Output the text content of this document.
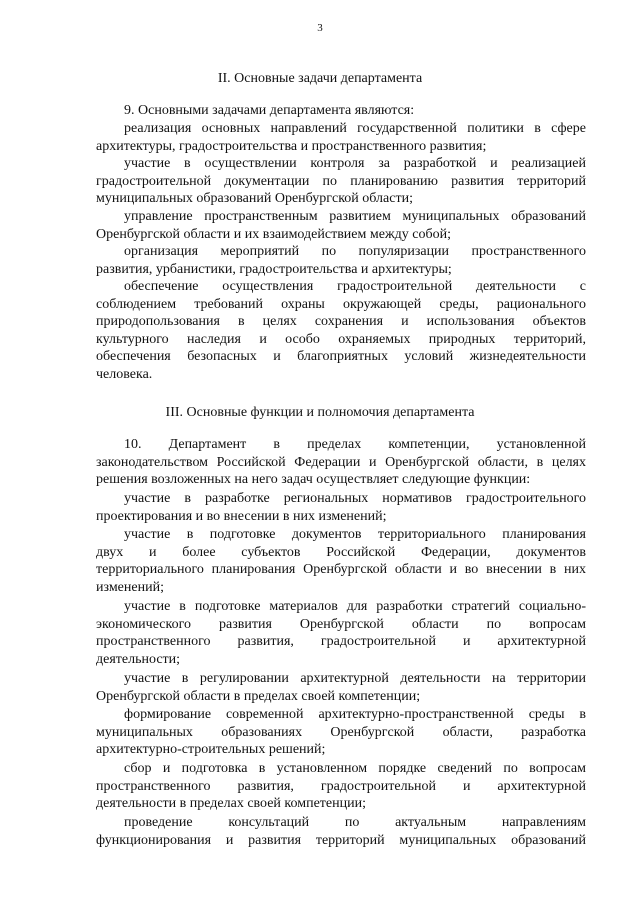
3
II. Основные задачи департамента
9. Основными задачами департамента являются:
реализация основных направлений государственной политики в сфере
архитектуры, градостроительства и пространственного развития;
участие в осуществлении контроля за разработкой и реализацией
градостроительной документации по планированию развития территорий
муниципальных образований Оренбургской области;
управление пространственным развитием муниципальных образований
Оренбургской области и их взаимодействием между собой;
организация мероприятий по популяризации пространственного
развития, урбанистики, градостроительства и архитектуры;
обеспечение осуществления градостроительной деятельности с
соблюдением требований охраны окружающей среды, рационального
природопользования в целях сохранения и использования объектов
культурного наследия и особо охраняемых природных территорий,
обеспечения безопасных и благоприятных условий жизнедеятельности
человека.
III. Основные функции и полномочия департамента
10. Департамент в пределах компетенции, установленной
законодательством Российской Федерации и Оренбургской области, в целях
решения возложенных на него задач осуществляет следующие функции:
участие в разработке региональных нормативов градостроительного
проектирования и во внесении в них изменений;
участие в подготовке документов территориального планирования
двух и более субъектов Российской Федерации, документов
территориального планирования Оренбургской области и во внесении в них
изменений;
участие в подготовке материалов для разработки стратегий социально-
экономического развития Оренбургской области по вопросам
пространственного развития, градостроительной и архитектурной
деятельности;
участие в регулировании архитектурной деятельности на территории
Оренбургской области в пределах своей компетенции;
формирование современной архитектурно-пространственной среды в
муниципальных образованиях Оренбургской области, разработка
архитектурно-строительных решений;
сбор и подготовка в установленном порядке сведений по вопросам
пространственного развития, градостроительной и архитектурной
деятельности в пределах своей компетенции;
проведение консультаций по актуальным направлениям
функционирования и развития территорий муниципальных образований
